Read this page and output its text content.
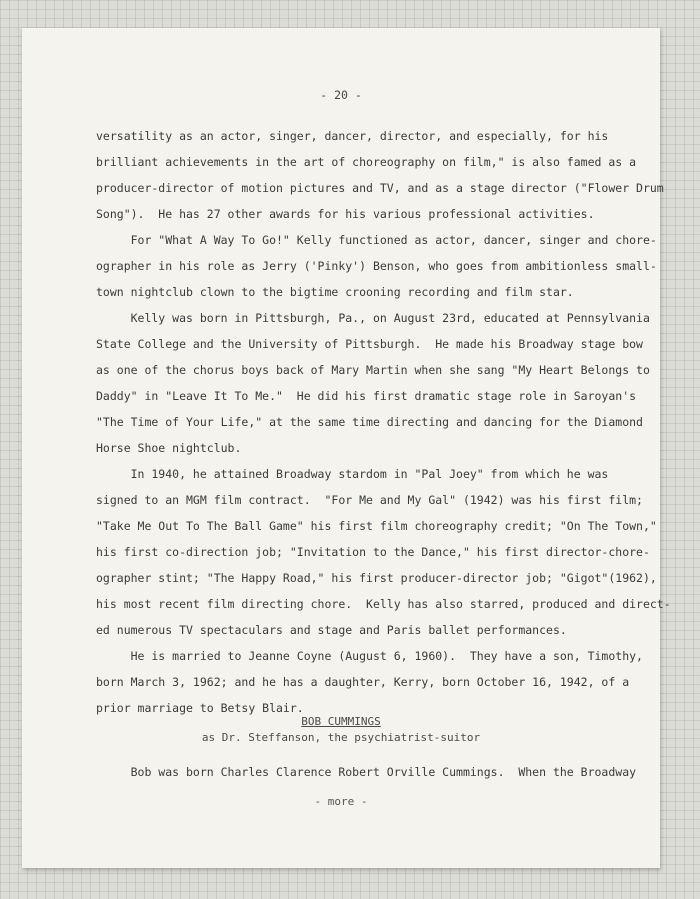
- 20 -

versatility as an actor, singer, dancer, director, and especially, for his

brilliant achievements in the art of choreography on film," is also famed as a

producer-director of motion pictures and TV, and as a stage director ("Flower Drum

Song").  He has 27 other awards for his various professional activities.

For "What A Way To Go!" Kelly functioned as actor, dancer, singer and chore-

ographer in his role as Jerry ('Pinky') Benson, who goes from ambitionless small-

town nightclub clown to the bigtime crooning recording and film star.

Kelly was born in Pittsburgh, Pa., on August 23rd, educated at Pennsylvania

State College and the University of Pittsburgh.  He made his Broadway stage bow

as one of the chorus boys back of Mary Martin when she sang "My Heart Belongs to

Daddy" in "Leave It To Me."  He did his first dramatic stage role in Saroyan's

"The Time of Your Life," at the same time directing and dancing for the Diamond

Horse Shoe nightclub.

In 1940, he attained Broadway stardom in "Pal Joey" from which he was

signed to an MGM film contract.  "For Me and My Gal" (1942) was his first film;

"Take Me Out To The Ball Game" his first film choreography credit; "On The Town,"

his first co-direction job; "Invitation to the Dance," his first director-chore-

ographer stint; "The Happy Road," his first producer-director job; "Gigot"(1962),

his most recent film directing chore.  Kelly has also starred, produced and direct-

ed numerous TV spectaculars and stage and Paris ballet performances.

He is married to Jeanne Coyne (August 6, 1960).  They have a son, Timothy,

born March 3, 1962; and he has a daughter, Kerry, born October 16, 1942, of a

prior marriage to Betsy Blair.

BOB CUMMINGS
as Dr. Steffanson, the psychiatrist-suitor
Bob was born Charles Clarence Robert Orville Cummings.  When the Broadway
- more -
